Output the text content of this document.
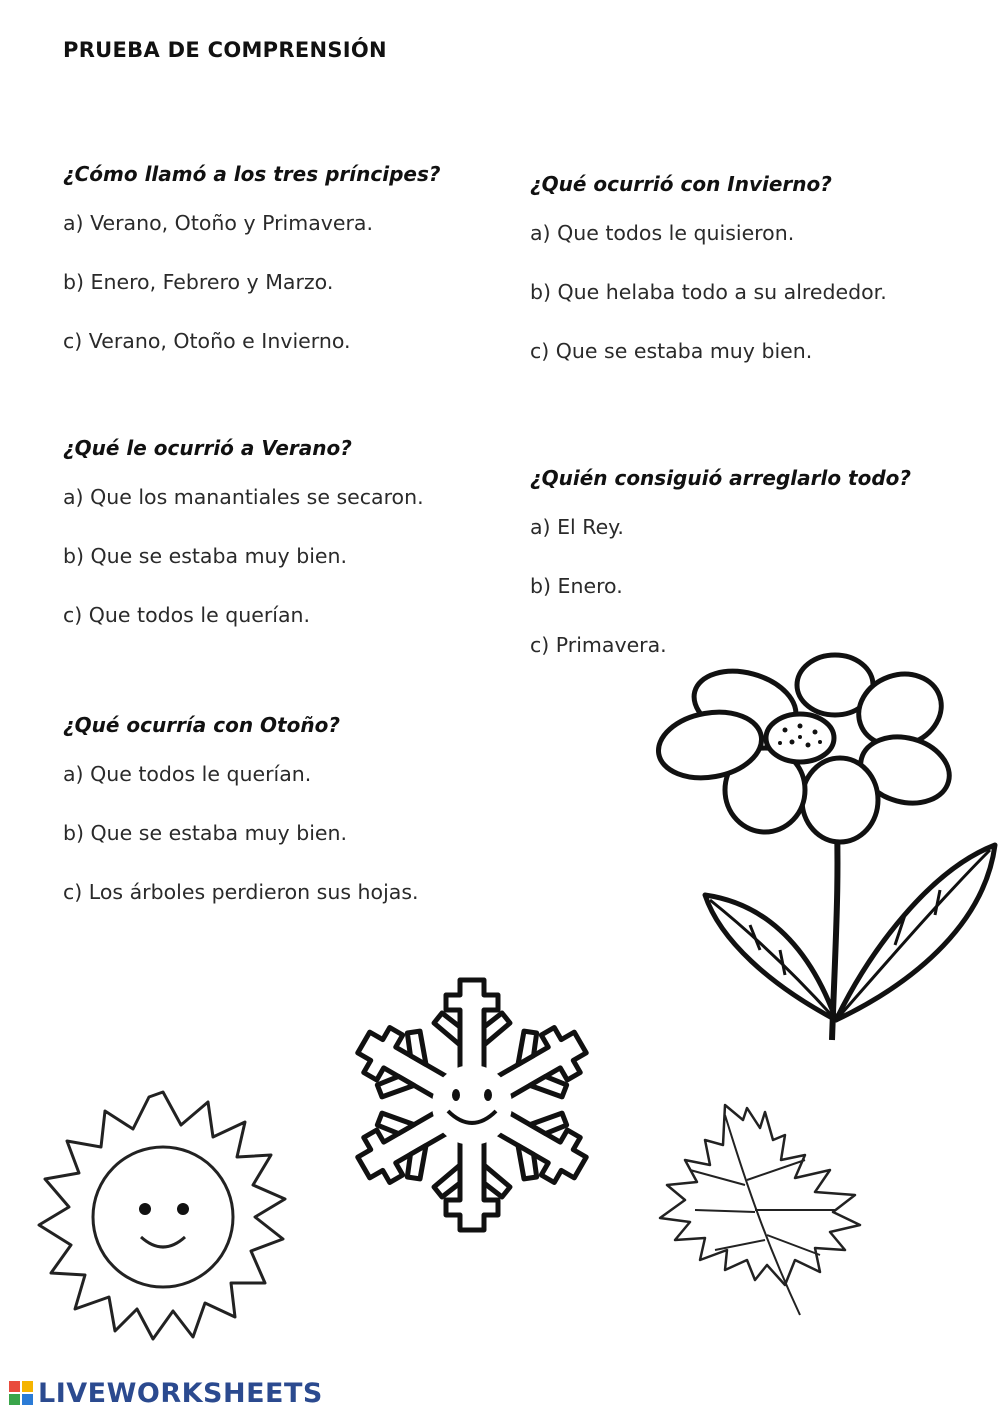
PRUEBA DE COMPRENSIÓN
¿Cómo llamó a los tres príncipes?
a) Verano, Otoño y Primavera.
b) Enero, Febrero y Marzo.
c) Verano, Otoño e Invierno.
¿Qué le ocurrió a Verano?
a) Que los manantiales se secaron.
b) Que se estaba muy bien.
c) Que todos le querían.
¿Qué ocurría con Otoño?
a) Que todos le querían.
b) Que se estaba muy bien.
c) Los árboles perdieron sus hojas.
¿Qué ocurrió con Invierno?
a) Que todos le quisieron.
b) Que helaba todo a su alrededor.
c) Que se estaba muy bien.
¿Quién consiguió arreglarlo todo?
a) El Rey.
b) Enero.
c) Primavera.
LIVEWORKSHEETS
